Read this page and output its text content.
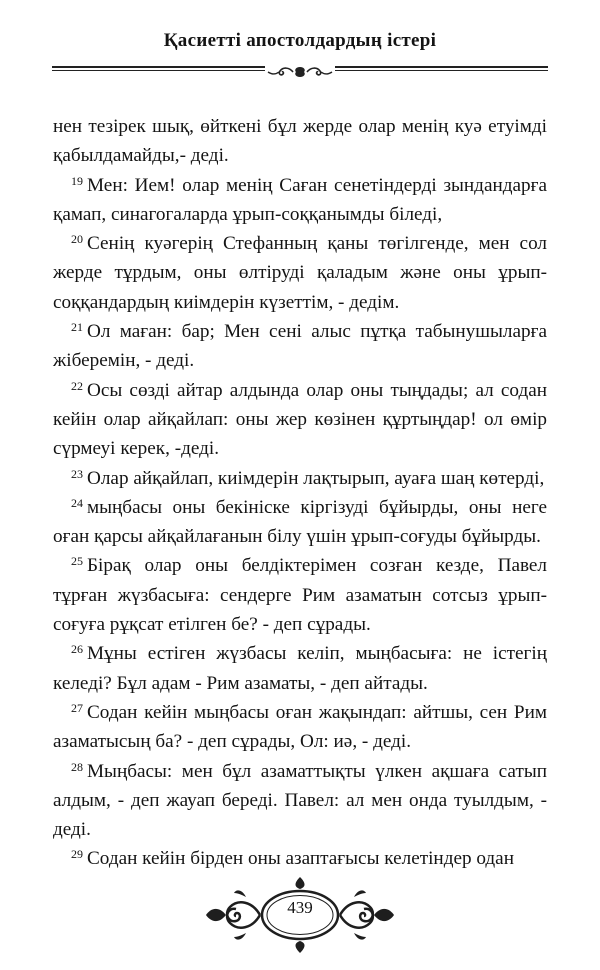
Қасиетті апостолдардың істері

нен тезірек шық, өйткені бұл жерде олар менің куә етуімді қабылдамайды,- деді.

$^{19}$ Мен: Ием! олар менің Саған сенетіндерді зындандарға қамап, синагогаларда ұрып-соққанымды біледі,

$^{20}$ Сенің куәгерің Стефанның қаны төгілгенде, мен сол жерде тұрдым, оны өлтіруді қаладым және оны ұрып-соққандардың киімдерін күзеттім, - дедім.

$^{21}$ Ол маған: бар; Мен сені алыс пұтқа табынушыларға жіберемін, - деді.

$^{22}$ Осы сөзді айтар алдында олар оны тыңдады; ал содан кейін олар айқайлап: оны жер көзінен құртыңдар! ол өмір сүрмеуі керек, -деді.

$^{23}$ Олар айқайлап, киімдерін лақтырып, ауаға шаң көтерді,

$^{24}$ мыңбасы оны бекініске кіргізуді бұйырды, оны неге оған қарсы айқайлағанын білу үшін ұрып-соғуды бұйырды.

$^{25}$ Бірақ олар оны белдіктерімен созған кезде, Павел тұрған жүзбасыға: сендерге Рим азаматын сотсыз ұрып-соғуға рұқсат етілген бе? - деп сұрады.

$^{26}$ Мұны естіген жүзбасы келіп, мыңбасыға: не істегің келеді? Бұл адам - Рим азаматы, - деп айтады.

$^{27}$ Содан кейін мыңбасы оған жақындап: айтшы, сен Рим азаматысың ба? - деп сұрады, Ол: иә, - деді.

$^{28}$ Мыңбасы: мен бұл азаматтықты үлкен ақшаға сатып алдым, - деп жауап береді. Павел: ал мен онда туылдым, - деді.

$^{29}$ Содан кейін бірден оны азаптағысы келетіндер одан

439
